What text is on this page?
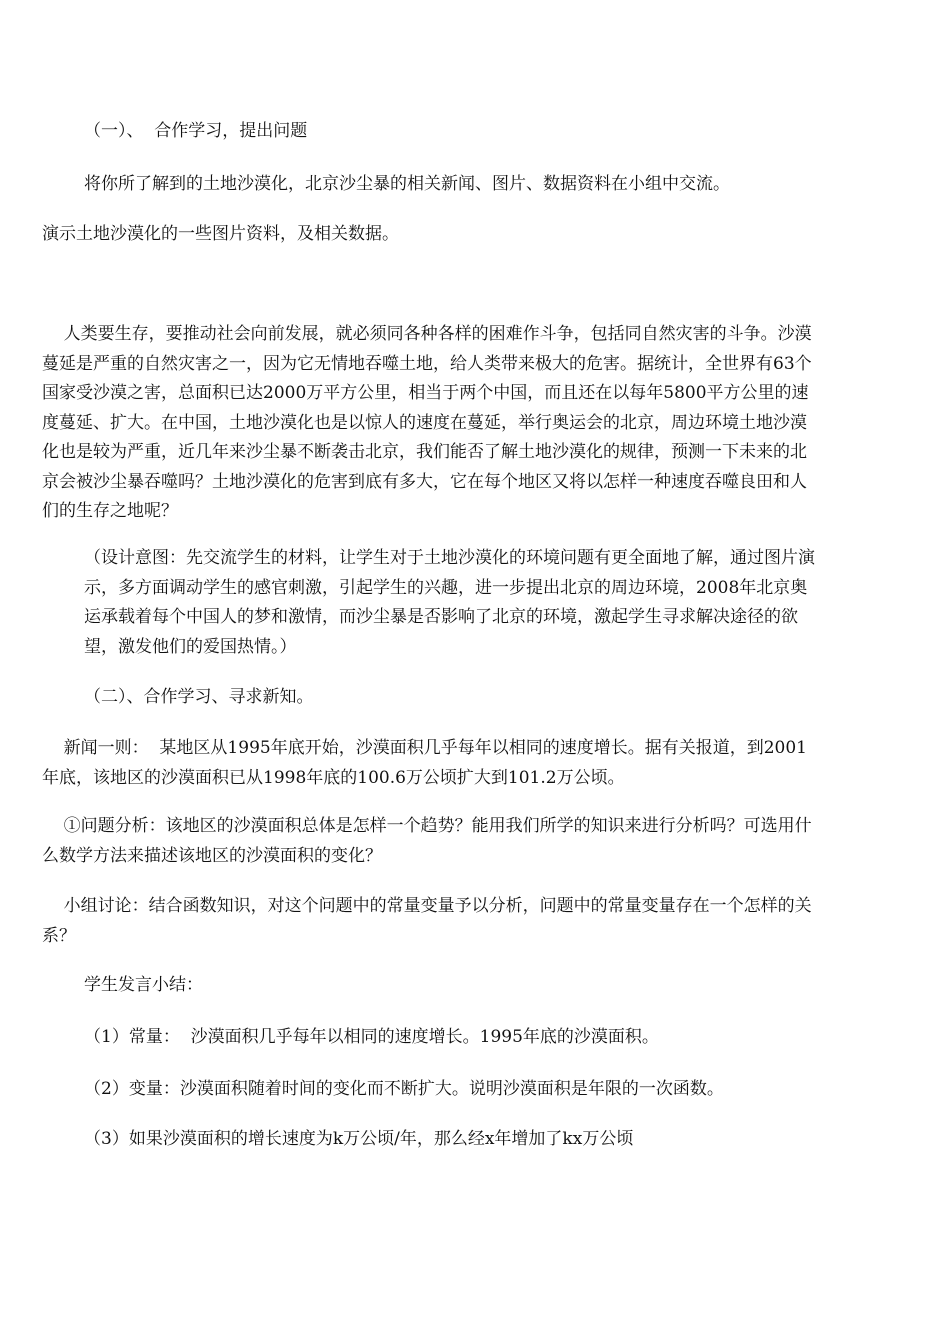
（一）、  合作学习，提出问题

将你所了解到的土地沙漠化，北京沙尘暴的相关新闻、图片、数据资料在小组中交流。

演示土地沙漠化的一些图片资料，及相关数据。

人类要生存，要推动社会向前发展，就必须同各种各样的困难作斗争，包括同自然灾害的斗争。沙漠蔓延是严重的自然灾害之一，因为它无情地吞噬土地，给人类带来极大的危害。据统计，全世界有63个国家受沙漠之害，总面积已达2000万平方公里，相当于两个中国，而且还在以每年5800平方公里的速度蔓延、扩大。在中国，土地沙漠化也是以惊人的速度在蔓延，举行奥运会的北京，周边环境土地沙漠化也是较为严重，近几年来沙尘暴不断袭击北京，我们能否了解土地沙漠化的规律，预测一下未来的北京会被沙尘暴吞噬吗？土地沙漠化的危害到底有多大，它在每个地区又将以怎样一种速度吞噬良田和人们的生存之地呢？

（设计意图：先交流学生的材料，让学生对于土地沙漠化的环境问题有更全面地了解，通过图片演示，多方面调动学生的感官刺激，引起学生的兴趣，进一步提出北京的周边环境，2008年北京奥运承载着每个中国人的梦和激情，而沙尘暴是否影响了北京的环境，激起学生寻求解决途径的欲望，激发他们的爱国热情。）

（二）、合作学习、寻求新知。

新闻一则：  某地区从1995年底开始，沙漠面积几乎每年以相同的速度增长。据有关报道，到2001年底，该地区的沙漠面积已从1998年底的100.6万公顷扩大到101.2万公顷。

①问题分析：该地区的沙漠面积总体是怎样一个趋势？能用我们所学的知识来进行分析吗？可选用什么数学方法来描述该地区的沙漠面积的变化？

小组讨论：结合函数知识，对这个问题中的常量变量予以分析，问题中的常量变量存在一个怎样的关系？

学生发言小结：

（1）常量：  沙漠面积几乎每年以相同的速度增长。1995年底的沙漠面积。

（2）变量：沙漠面积随着时间的变化而不断扩大。说明沙漠面积是年限的一次函数。

（3）如果沙漠面积的增长速度为k万公顷/年，那么经x年增加了kx万公顷
